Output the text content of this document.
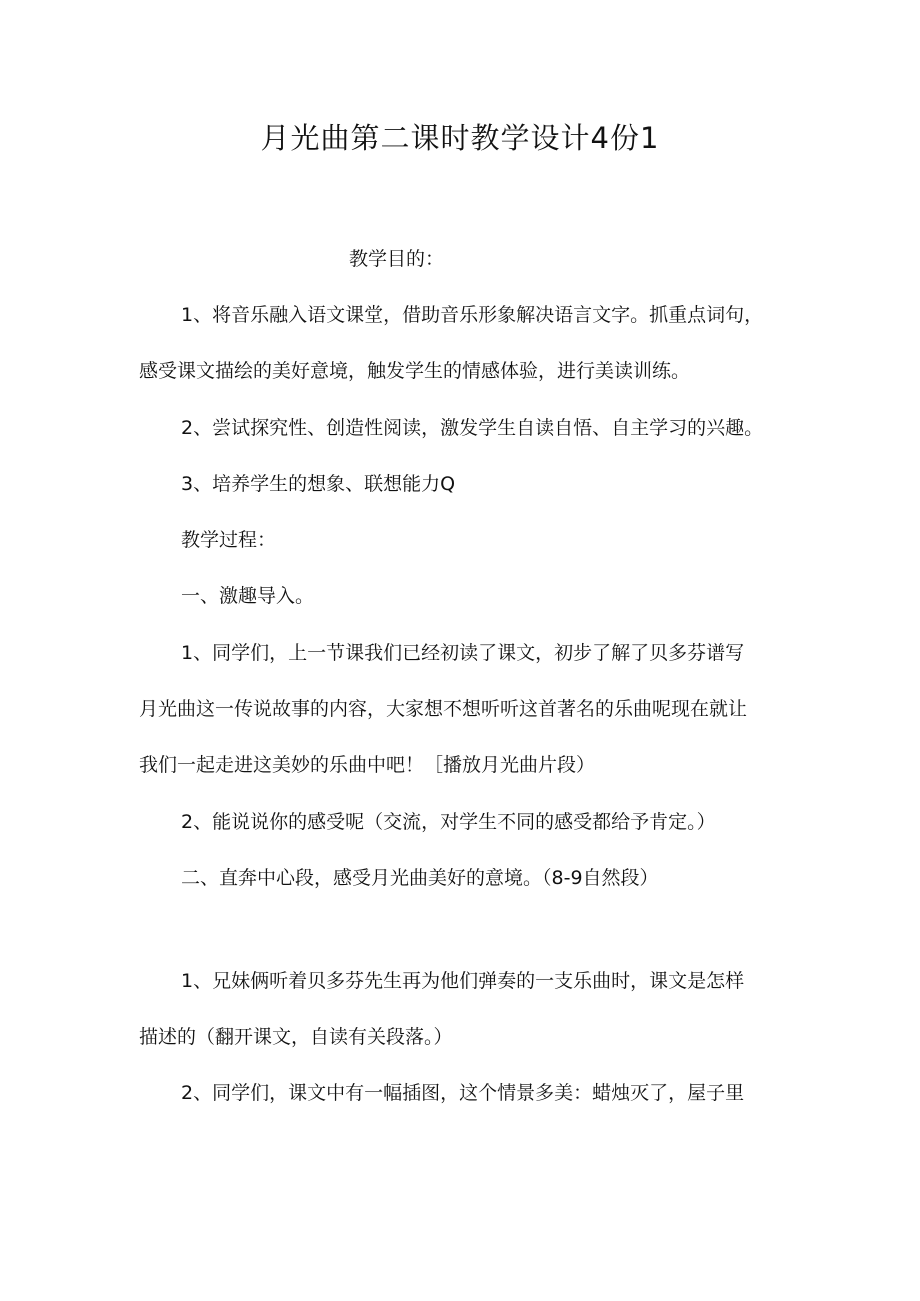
月光曲第二课时教学设计4份1

教学目的：

1、将音乐融入语文课堂，借助音乐形象解决语言文字。抓重点词句，

感受课文描绘的美好意境，触发学生的情感体验，进行美读训练。

2、尝试探究性、创造性阅读，激发学生自读自悟、自主学习的兴趣。

3、培养学生的想象、联想能力Q

教学过程：

一、激趣导入。

1、同学们，上一节课我们已经初读了课文，初步了解了贝多芬谱写

月光曲这一传说故事的内容，大家想不想听听这首著名的乐曲呢现在就让

我们一起走进这美妙的乐曲中吧！［播放月光曲片段）

2、能说说你的感受呢（交流，对学生不同的感受都给予肯定。）

二、直奔中心段，感受月光曲美好的意境。（8-9自然段）

1、兄妹俩听着贝多芬先生再为他们弹奏的一支乐曲时，课文是怎样

描述的（翻开课文，自读有关段落。）

2、同学们，课文中有一幅插图，这个情景多美：蜡烛灭了，屋子里
